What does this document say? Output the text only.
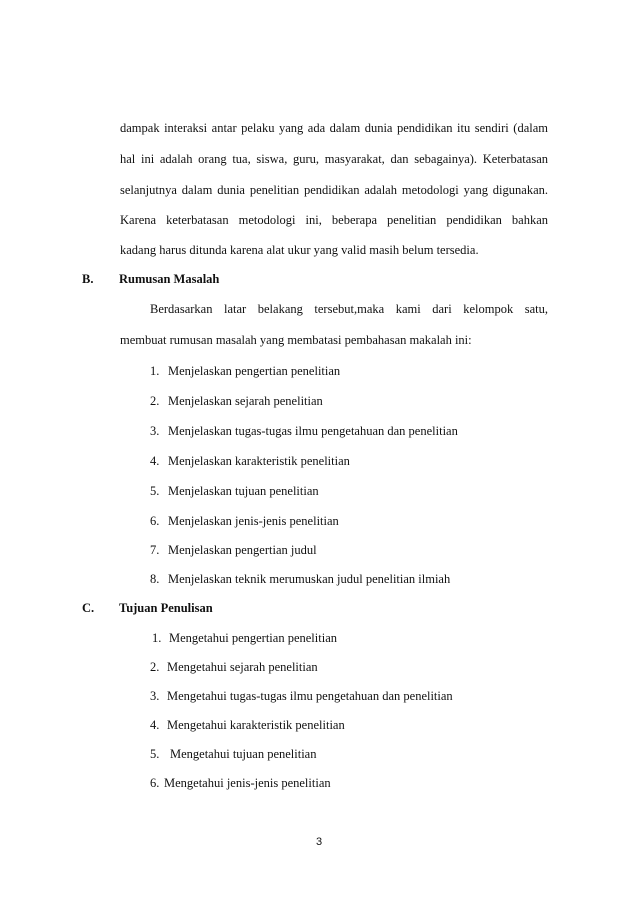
dampak interaksi antar pelaku yang ada dalam dunia pendidikan itu sendiri (dalam
hal ini adalah orang tua, siswa, guru, masyarakat, dan sebagainya). Keterbatasan
selanjutnya dalam dunia penelitian pendidikan adalah metodologi yang digunakan.
Karena keterbatasan metodologi ini, beberapa penelitian pendidikan bahkan
kadang harus ditunda karena alat ukur yang valid masih belum tersedia.
B. Rumusan Masalah
Berdasarkan latar belakang tersebut,maka kami dari kelompok satu,
membuat rumusan masalah yang membatasi pembahasan makalah ini:
1. Menjelaskan pengertian penelitian
2. Menjelaskan sejarah penelitian
3. Menjelaskan tugas-tugas ilmu pengetahuan dan penelitian
4. Menjelaskan karakteristik penelitian
5. Menjelaskan tujuan penelitian
6. Menjelaskan jenis-jenis penelitian
7. Menjelaskan pengertian judul
8. Menjelaskan teknik merumuskan judul penelitian ilmiah
C. Tujuan Penulisan
1. Mengetahui pengertian penelitian
2. Mengetahui sejarah penelitian
3. Mengetahui tugas-tugas ilmu pengetahuan dan penelitian
4. Mengetahui karakteristik penelitian
5. Mengetahui tujuan penelitian
6. Mengetahui jenis-jenis penelitian
3
